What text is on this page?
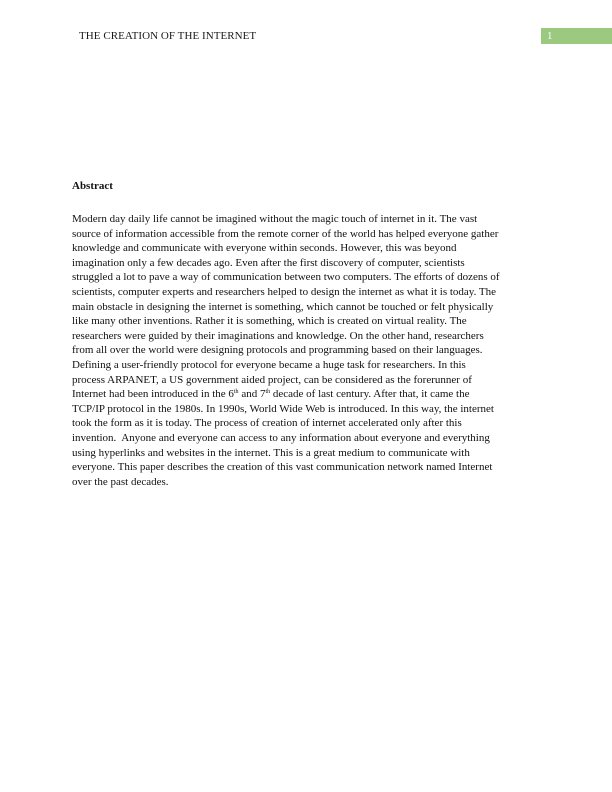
THE CREATION OF THE INTERNET	1
Abstract

Modern day daily life cannot be imagined without the magic touch of internet in it. The vast
source of information accessible from the remote corner of the world has helped everyone gather
knowledge and communicate with everyone within seconds. However, this was beyond
imagination only a few decades ago. Even after the first discovery of computer, scientists
struggled a lot to pave a way of communication between two computers. The efforts of dozens of
scientists, computer experts and researchers helped to design the internet as what it is today. The
main obstacle in designing the internet is something, which cannot be touched or felt physically
like many other inventions. Rather it is something, which is created on virtual reality. The
researchers were guided by their imaginations and knowledge. On the other hand, researchers
from all over the world were designing protocols and programming based on their languages.
Defining a user-friendly protocol for everyone became a huge task for researchers. In this
process ARPANET, a US government aided project, can be considered as the forerunner of
Internet had been introduced in the 6th and 7th decade of last century. After that, it came the
TCP/IP protocol in the 1980s. In 1990s, World Wide Web is introduced. In this way, the internet
took the form as it is today. The process of creation of internet accelerated only after this
invention.  Anyone and everyone can access to any information about everyone and everything
using hyperlinks and websites in the internet. This is a great medium to communicate with
everyone. This paper describes the creation of this vast communication network named Internet
over the past decades.
